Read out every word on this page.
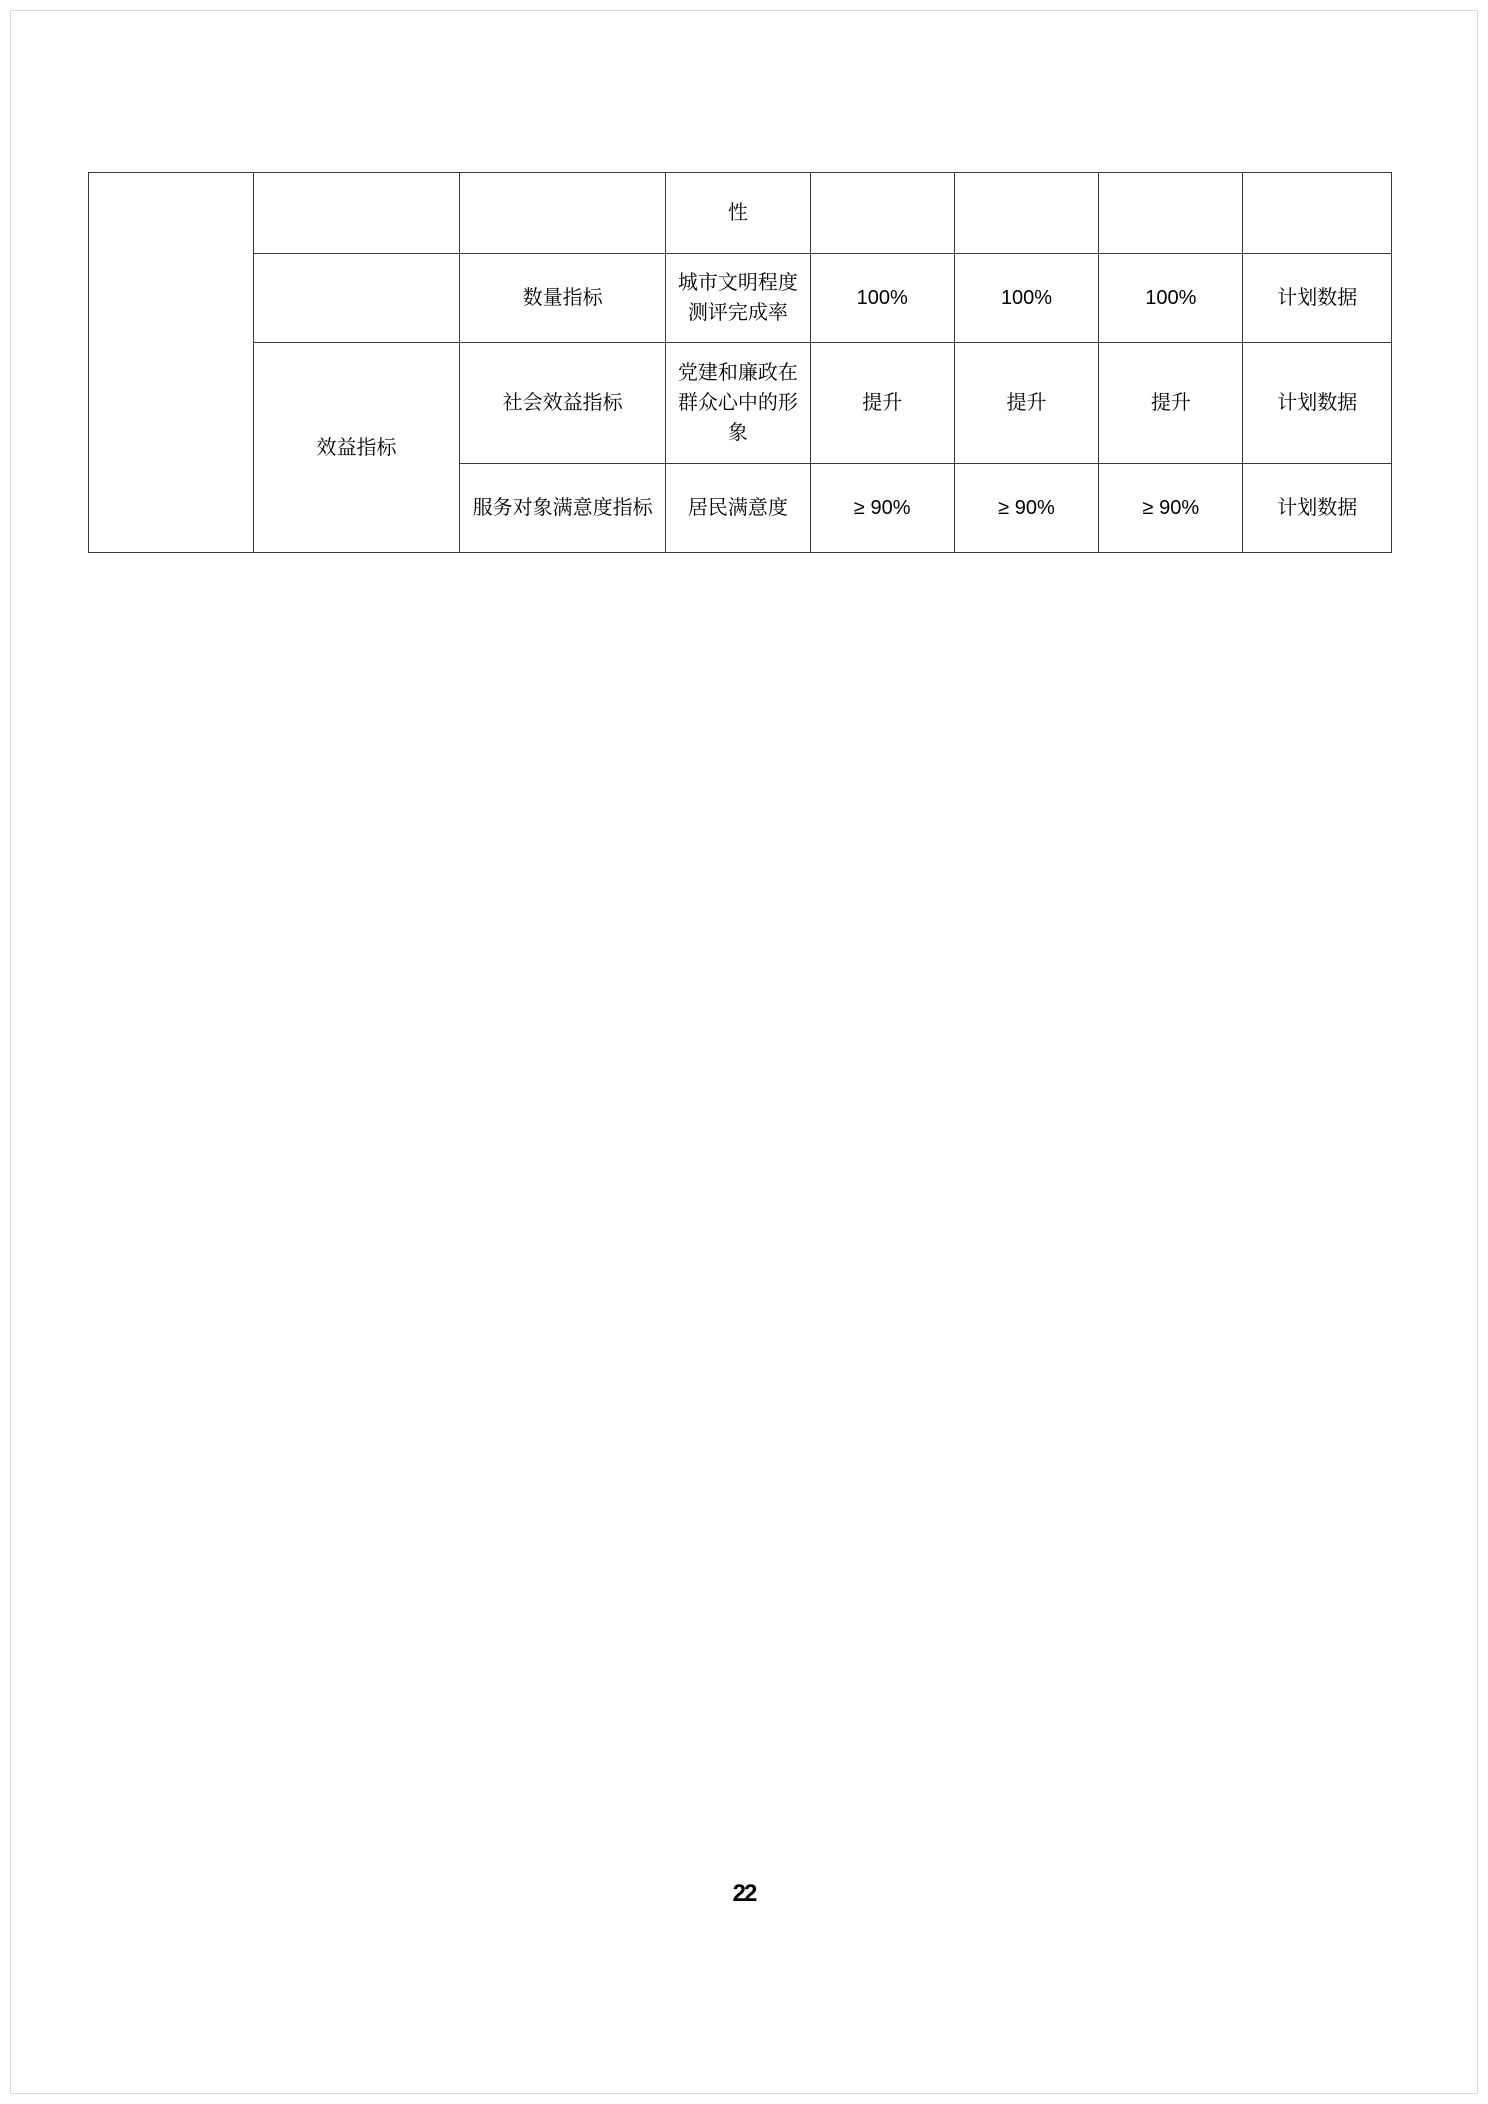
			性				
		数量指标	城市文明程度测评完成率	100%	100%	100%	计划数据
	效益指标	社会效益指标	党建和廉政在群众心中的形象	提升	提升	提升	计划数据
		服务对象满意度指标	居民满意度	≥ 90%	≥ 90%	≥ 90%	计划数据
22
